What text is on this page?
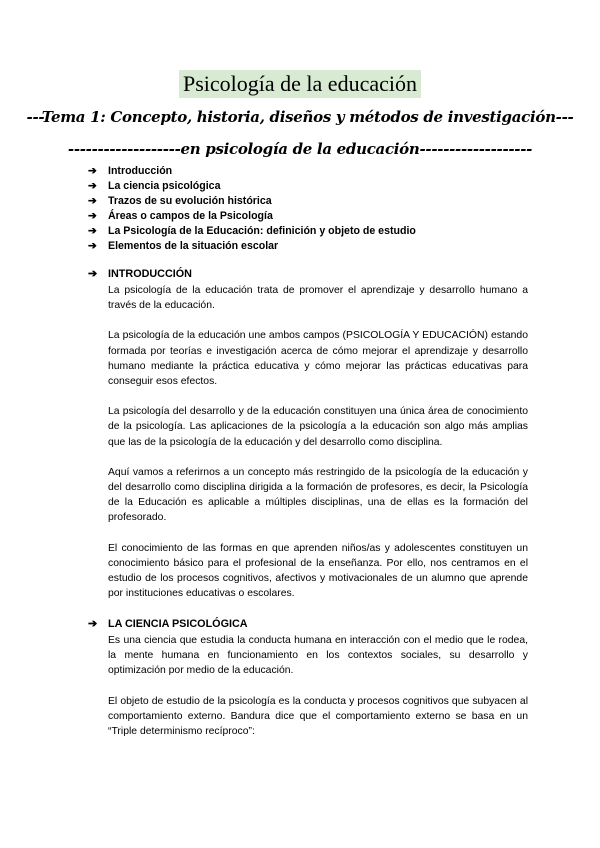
Psicología de la educación
---Tema 1: Concepto, historia, diseños y métodos de investigación---
-------------------en psicología de la educación-------------------
➔ Introducción
➔ La ciencia psicológica
➔ Trazos de su evolución histórica
➔ Áreas o campos de la Psicología
➔ La Psicología de la Educación: definición y objeto de estudio
➔ Elementos de la situación escolar
➔ INTRODUCCIÓN

La psicología de la educación trata de promover el aprendizaje y desarrollo humano a través de la educación.

La psicología de la educación une ambos campos (PSICOLOGÍA Y EDUCACIÓN) estando formada por teorías e investigación acerca de cómo mejorar el aprendizaje y desarrollo humano mediante la práctica educativa y cómo mejorar las prácticas educativas para conseguir esos efectos.

La psicología del desarrollo y de la educación constituyen una única área de conocimiento de la psicología. Las aplicaciones de la psicología a la educación son algo más amplias que las de la psicología de la educación y del desarrollo como disciplina.

Aquí vamos a referirnos a un concepto más restringido de la psicología de la educación y del desarrollo como disciplina dirigida a la formación de profesores, es decir, la Psicología de la Educación es aplicable a múltiples disciplinas, una de ellas es la formación del profesorado.

El conocimiento de las formas en que aprenden niños/as y adolescentes constituyen un conocimiento básico para el profesional de la enseñanza. Por ello, nos centramos en el estudio de los procesos cognitivos, afectivos y motivacionales de un alumno que aprende por instituciones educativas o escolares.

➔ LA CIENCIA PSICOLÓGICA

Es una ciencia que estudia la conducta humana en interacción con el medio que le rodea, la mente humana en funcionamiento en los contextos sociales, su desarrollo y optimización por medio de la educación.

El objeto de estudio de la psicología es la conducta y procesos cognitivos que subyacen al comportamiento externo. Bandura dice que el comportamiento externo se basa en un “Triple determinismo recíproco”:
